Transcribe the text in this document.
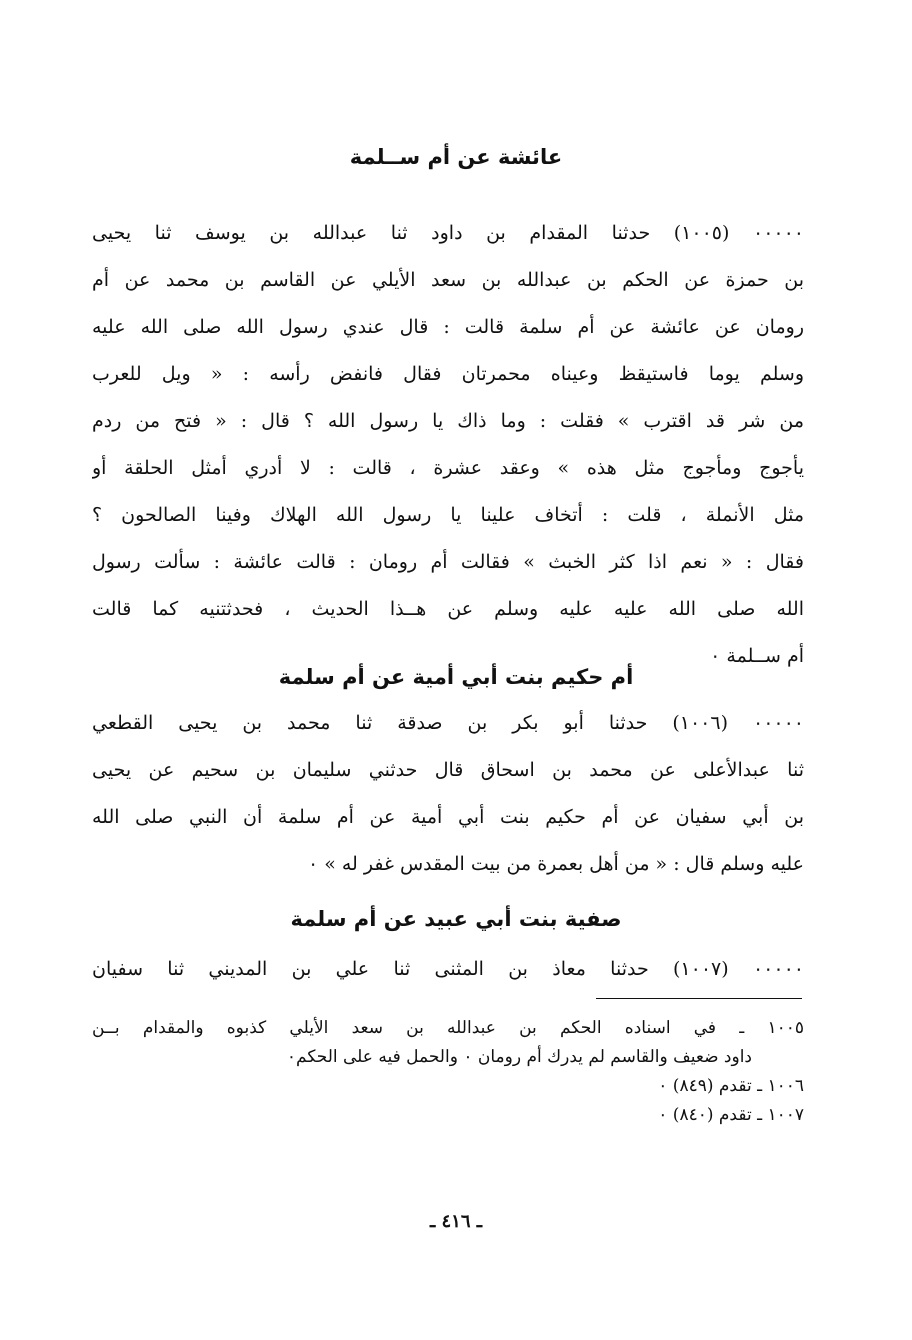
عائشة عن أم ســلمة
٠٠٠٠٠ (١٠٠٥) حدثنا المقدام بن داود ثنا عبدالله بن يوسف ثنا يحيى
بن حمزة عن الحكم بن عبدالله بن سعد الأيلي عن القاسم بن محمد عن أم
رومان عن عائشة عن أم سلمة قالت : قال عندي رسول الله صلى الله عليه
وسلم يوما فاستيقظ وعيناه محمرتان فقال فانفض رأسه : « ويل للعرب
من شر قد اقترب » فقلت : وما ذاك يا رسول الله ؟ قال : « فتح من ردم
يأجوج ومأجوج مثل هذه » وعقد عشرة ، قالت : لا أدري أمثل الحلقة أو
مثل الأنملة ، قلت : أتخاف علينا يا رسول الله الهلاك وفينا الصالحون ؟
فقال : « نعم اذا كثر الخبث » فقالت أم رومان : قالت عائشة : سألت رسول
الله صلى الله عليه عليه وسلم عن هــذا الحديث ، فحدثتنيه كما قالت
أم ســلمة ٠
أم حكيم بنت أبي أمية عن أم سلمة
٠٠٠٠٠ (١٠٠٦) حدثنا أبو بكر بن صدقة ثنا محمد بن يحيى القطعي
ثنا عبدالأعلى عن محمد بن اسحاق قال حدثني سليمان بن سحيم عن يحيى
بن أبي سفيان عن أم حكيم بنت أبي أمية عن أم سلمة أن النبي صلى الله
عليه وسلم قال : « من أهل بعمرة من بيت المقدس غفر له » ٠
صفية بنت أبي عبيد عن أم سلمة
٠٠٠٠٠ (١٠٠٧) حدثنا معاذ بن المثنى ثنا علي بن المديني ثنا سفيان
١٠٠٥ ـ في اسناده الحكم بن عبدالله بن سعد الأيلي كذبوه والمقدام بــن
داود ضعيف والقاسم لم يدرك أم رومان ٠ والحمل فيه على الحكم٠
١٠٠٦ ـ تقدم (٨٤٩) ٠
١٠٠٧ ـ تقدم (٨٤٠) ٠
ـ ٤١٦ ـ
